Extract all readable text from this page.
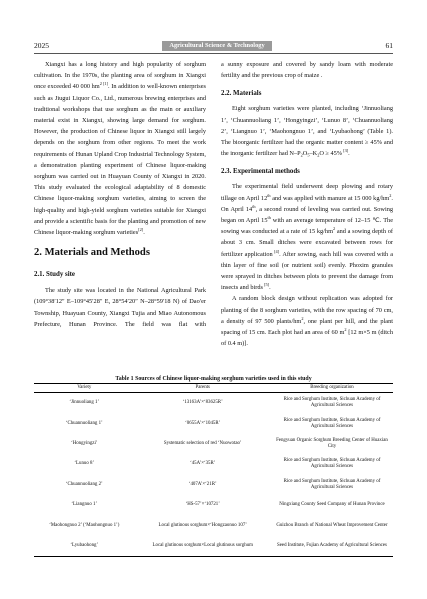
2025	Agricultural Science & Technology	61

Xiangxi has a long history and high popularity of sorghum cultivation. In the 1970s, the planting area of sorghum in Xiangxi once exceeded 40 000 $hm^{2 [1]}$. In addition to well-known enterprises such as Jiugui Liquor Co., Ltd., numerous brewing enterprises and traditional workshops that use sorghum as the main or auxiliary material exist in Xiangxi, showing large demand for sorghum. However, the production of Chinese liquor in Xiangxi still largely depends on the sorghum from other regions. To meet the work requirements of Hunan Upland Crop Industrial Technology System, a demonstration planting experiment of Chinese liquor-making sorghum was carried out in Huayuan County of Xiangxi in 2020. This study evaluated the ecological adaptability of 8 domestic Chinese liquor-making sorghum varieties, aiming to screen the high-quality and high-yield sorghum varieties suitable for Xiangxi and provide a scientific basis for the planting and promotion of new Chinese liquor-making sorghum varieties[2].

2. Materials and Methods
2.1. Study site

The study site was located in the National Agricultural Park (109°38′12″ E–109°45′28″ E, 28°54′20″ N–28°59′18 N) of Dao′er Township, Huayuan County, Xiangxi Tujia and Miao Autonomous Prefecture, Hunan Province. The field was flat with

a sunny exposure and covered by sandy loam with moderate fertility and the previous crop of maize .

2.2. Materials

Eight sorghum varieties were planted, including ‘Jinnuoliang 1’, ‘Chuannuoliang 1’, ‘Hongyingzi’, ‘Lunuo 8’, ‘Chuannuoliang 2’, ‘Liangnuo 1’, ‘Maohongnuo 1’, and ‘Lyubaohong’ (Table 1). The bioorganic fertilizer had the organic matter content ≥ 45% and the inorganic fertilizer had $N-P_2O_5-K_2O \ge 45\%$ [3].

2.3. Experimental methods

The experimental field underwent deep plowing and rotary tillage on April 12th and was applied with manure at 15 000 $kg/hm^2$. On April 14th, a second round of leveling was carried out. Sowing began on April 15th with an average temperature of 12–15 ℃. The sowing was conducted at a rate of 15 $kg/hm^2$ and a sowing depth of about 3 cm. Small ditches were excavated between rows for fertilizer application [4]. After sowing, each hill was covered with a thin layer of fine soil (or nutrient soil) evenly. Phoxim granules were sprayed in ditches between plots to prevent the damage from insects and birds [5].

A random block design without replication was adopted for planting of the 8 sorghum varieties, with the row spacing of 70 cm, a density of 97 500 plants/$hm^2$, one plant per hill, and the plant spacing of 15 cm. Each plot had an area of 60 $m^2$ [12 m×5 m (ditch of 0.4 m)].

Table 1 Sources of Chinese liquor-making sorghum varieties used in this study
Variety	Parents	Breeding organization
‘Jinnuoliang 1’	‘13163A’×‘83625R’	Rice and Sorghum Institute, Sichuan Academy of Agricultural Sciences
‘Chuannuoliang 1’	‘0655A’×‘1045R’	Rice and Sorghum Institute, Sichuan Academy of Agricultural Sciences
‘Hongyingzi’	Systematic selection of red ‘Nuowotao’	Fengyuan Organic Sorghum Breeding Center of Huaxian City
‘Lunuo 8’	‘45A’×‘35R’	Rice and Sorghum Institute, Sichuan Academy of Agricultural Sciences
‘Chuannuoliang 2’	‘407A’×‘21R’	Rice and Sorghum Institute, Sichuan Academy of Agricultural Sciences
‘Liangnuo 1’	‘HS-57’×‘10721’	Ningxiang County Seed Company of Hunan Province
‘Maohongnuo 2’ (‘Maohongnuo 1’)	Local glutinous sorghum×‘Hongzaonuo 107’	Guizhou Branch of National Wheat Improvement Center
‘Lyubaohong’	Local glutinous sorghum×Local glutinous sorghum	Seed Institute, Fujian Academy of Agricultural Sciences
